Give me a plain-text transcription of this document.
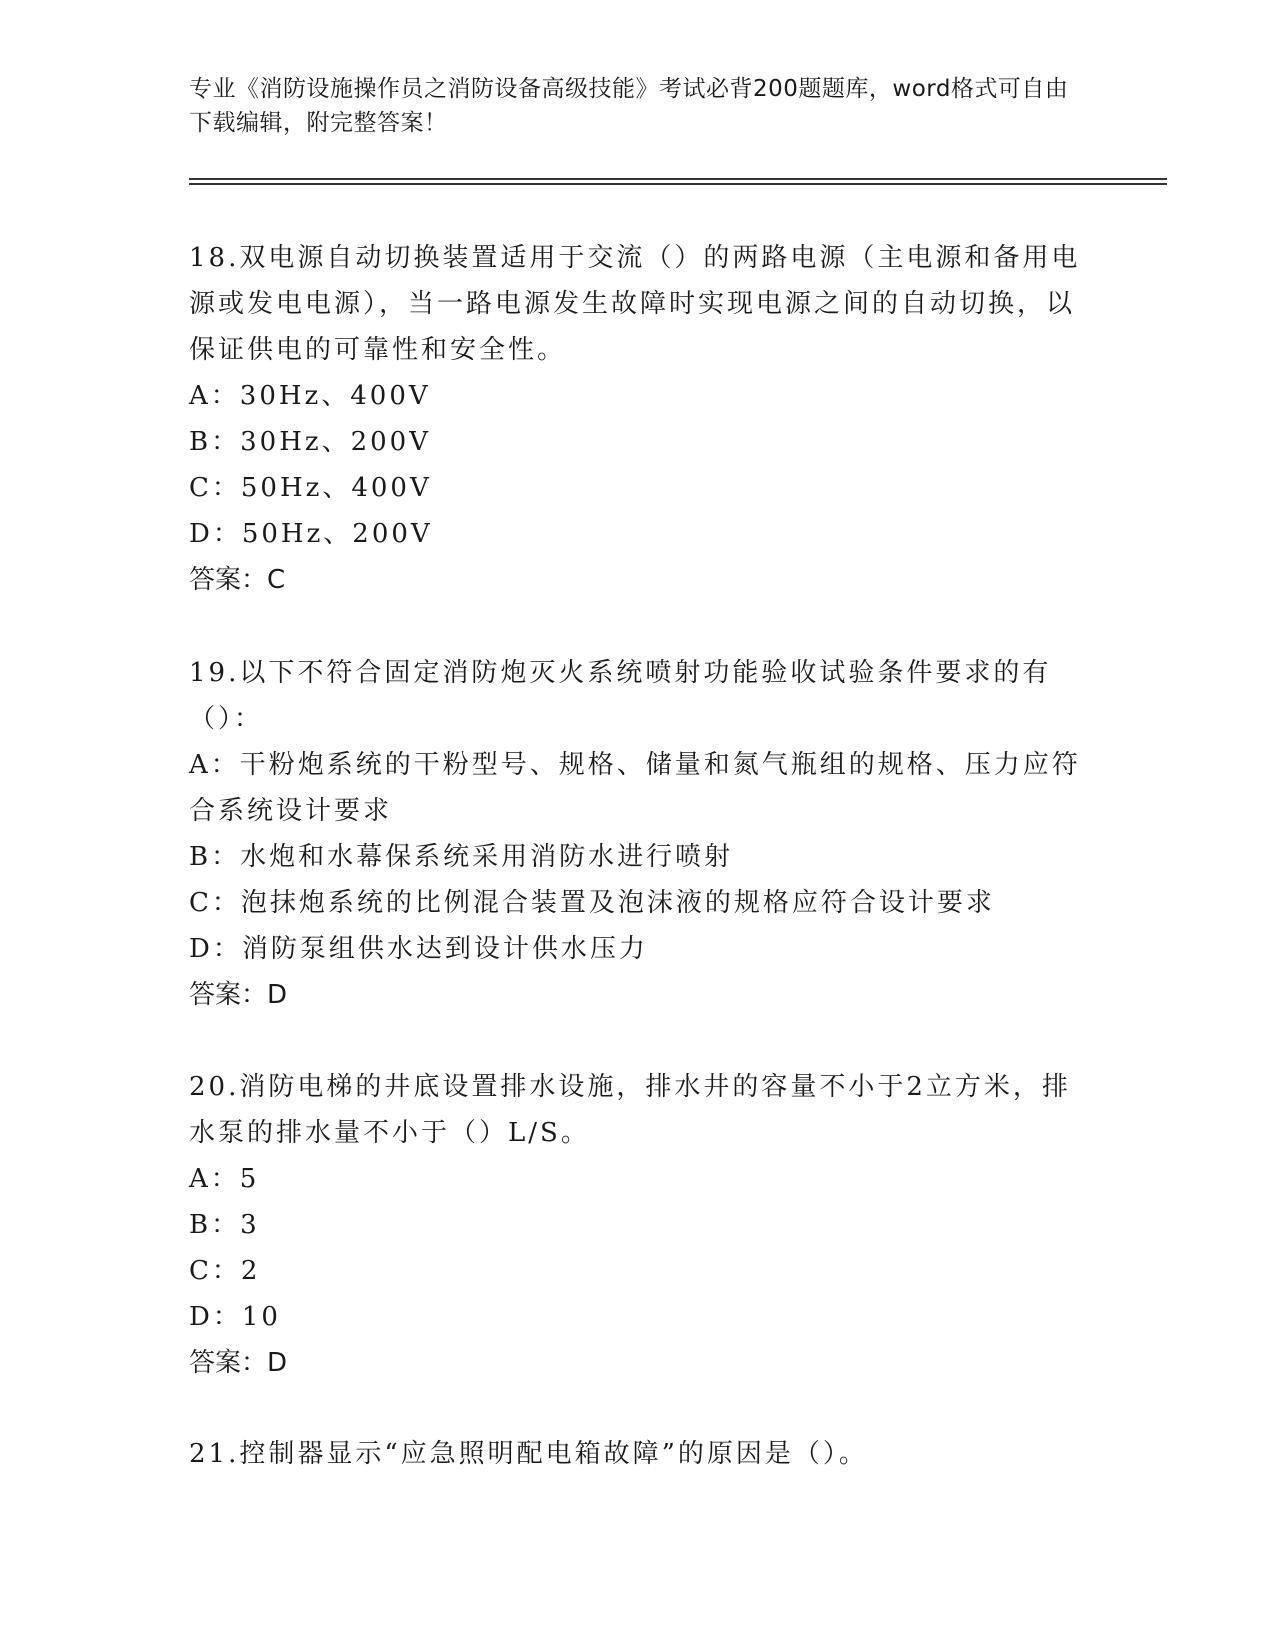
专业《消防设施操作员之消防设备高级技能》考试必背200题题库，word格式可自由下载编辑，附完整答案！

18.双电源自动切换装置适用于交流（）的两路电源（主电源和备用电源或发电电源），当一路电源发生故障时实现电源之间的自动切换，以保证供电的可靠性和安全性。

A：30Hz、400V
B：30Hz、200V
C：50Hz、400V
D：50Hz、200V

答案：C

19.以下不符合固定消防炮灭火系统喷射功能验收试验条件要求的有（）：

A：干粉炮系统的干粉型号、规格、储量和氮气瓶组的规格、压力应符合系统设计要求
B：水炮和水幕保系统采用消防水进行喷射
C：泡抹炮系统的比例混合装置及泡沫液的规格应符合设计要求
D：消防泵组供水达到设计供水压力

答案：D

20.消防电梯的井底设置排水设施，排水井的容量不小于2立方米，排水泵的排水量不小于（）L/S。

A：5
B：3
C：2
D：10

答案：D

21.控制器显示“应急照明配电箱故障”的原因是（）。
